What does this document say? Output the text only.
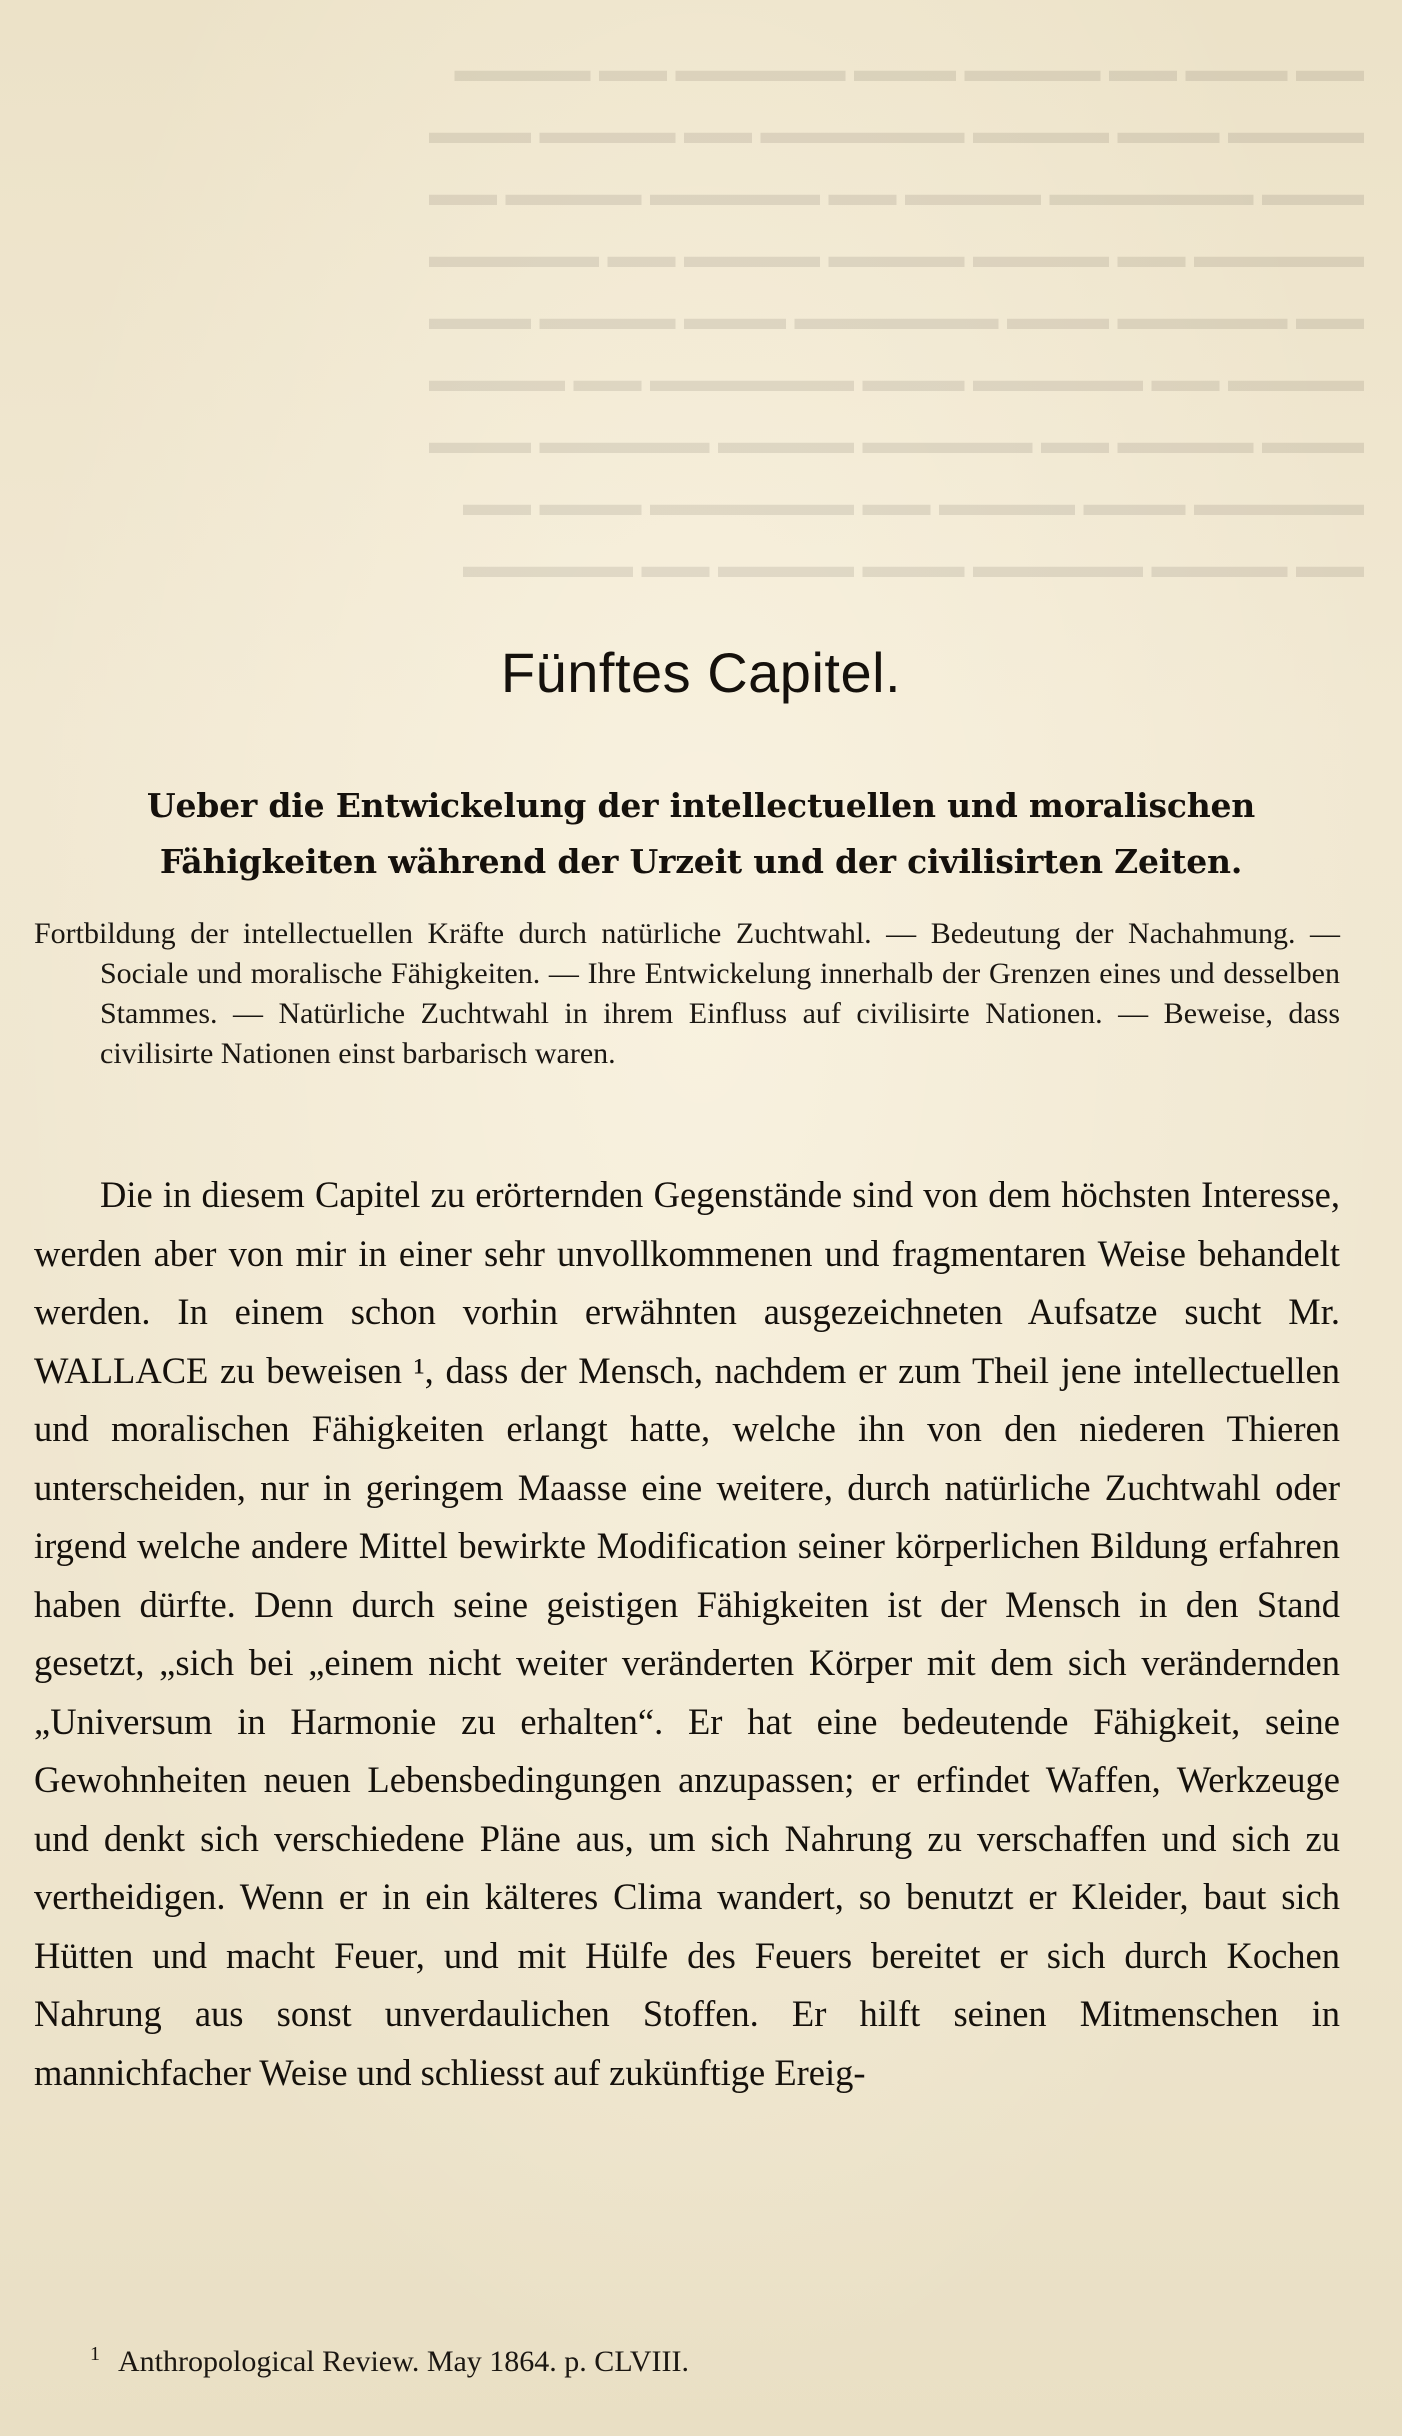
▬▬ ▬▬▬ ▬▬ ▬▬▬▬ ▬▬▬ ▬▬▬▬▬ ▬▬ ▬▬▬▬
▬▬▬▬ ▬▬▬ ▬▬▬▬ ▬▬▬▬▬▬ ▬▬ ▬▬▬▬ ▬▬▬
▬▬▬ ▬▬▬▬▬▬ ▬▬▬▬ ▬▬ ▬▬▬▬▬ ▬▬▬▬ ▬▬
▬▬▬▬▬ ▬▬ ▬▬▬▬ ▬▬▬▬ ▬▬▬▬ ▬▬ ▬▬▬▬▬
▬▬ ▬▬▬▬▬ ▬▬▬ ▬▬▬▬▬▬ ▬▬▬ ▬▬▬▬ ▬▬▬
▬▬▬▬ ▬▬ ▬▬▬▬▬ ▬▬▬ ▬▬▬▬▬▬ ▬▬ ▬▬▬▬
▬▬▬ ▬▬▬▬ ▬▬ ▬▬▬▬▬ ▬▬▬▬ ▬▬▬▬▬ ▬▬▬
▬▬▬▬▬ ▬▬▬ ▬▬▬▬ ▬▬ ▬▬▬▬▬▬ ▬▬▬ ▬▬
▬▬ ▬▬▬▬ ▬▬▬▬▬ ▬▬▬ ▬▬▬▬ ▬▬ ▬▬▬▬▬
Fünftes Capitel.
Ueber die Entwickelung der intellectuellen und moralischen
Fähigkeiten während der Urzeit und der civilisirten Zeiten.

Fortbildung der intellectuellen Kräfte durch natürliche Zuchtwahl. — Bedeutung der Nachahmung. — Sociale und moralische Fähigkeiten. — Ihre Entwickelung innerhalb der Grenzen eines und desselben Stammes. — Natürliche Zuchtwahl in ihrem Einfluss auf civilisirte Nationen. — Beweise, dass civilisirte Nationen einst barbarisch waren.

Die in diesem Capitel zu erörternden Gegenstände sind von dem höchsten Interesse, werden aber von mir in einer sehr unvollkommenen und fragmentaren Weise behandelt werden. In einem schon vorhin erwähnten ausgezeichneten Aufsatze sucht Mr. WALLACE zu beweisen ¹, dass der Mensch, nachdem er zum Theil jene intellectuellen und moralischen Fähigkeiten erlangt hatte, welche ihn von den niederen Thieren unterscheiden, nur in geringem Maasse eine weitere, durch natürliche Zuchtwahl oder irgend welche andere Mittel bewirkte Modification seiner körperlichen Bildung erfahren haben dürfte. Denn durch seine geistigen Fähigkeiten ist der Mensch in den Stand gesetzt, „sich bei „einem nicht weiter veränderten Körper mit dem sich verändernden „Universum in Harmonie zu erhalten“. Er hat eine bedeutende Fähigkeit, seine Gewohnheiten neuen Lebensbedingungen anzupassen; er erfindet Waffen, Werkzeuge und denkt sich verschiedene Pläne aus, um sich Nahrung zu verschaffen und sich zu vertheidigen. Wenn er in ein kälteres Clima wandert, so benutzt er Kleider, baut sich Hütten und macht Feuer, und mit Hülfe des Feuers bereitet er sich durch Kochen Nahrung aus sonst unverdaulichen Stoffen. Er hilft seinen Mitmenschen in mannichfacher Weise und schliesst auf zukünftige Ereig-

$^1$ Anthropological Review. May 1864. p. CLVIII.
